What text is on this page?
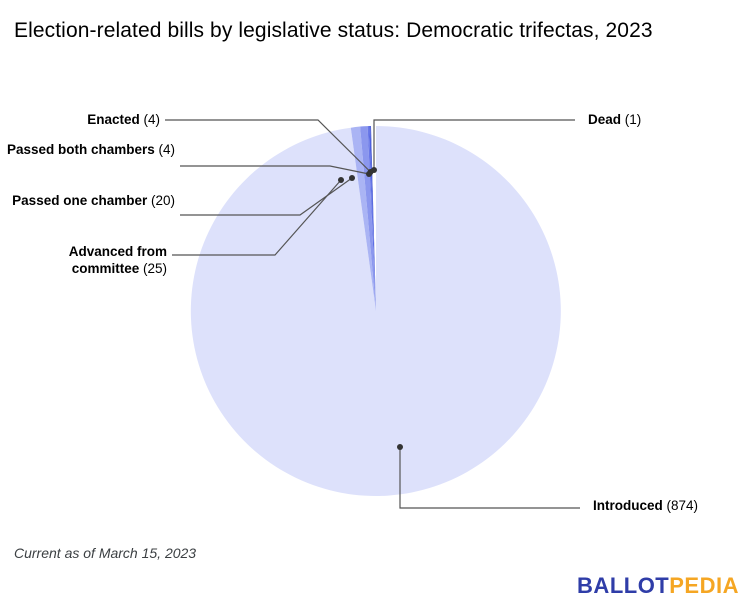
Election-related bills by legislative status: Democratic trifectas, 2023
Enacted (4)
Passed both chambers (4)
Passed one chamber (20)
Advanced from committee (25)
Dead (1)
Introduced (874)
Current as of March 15, 2023
BALLOTPEDIA
